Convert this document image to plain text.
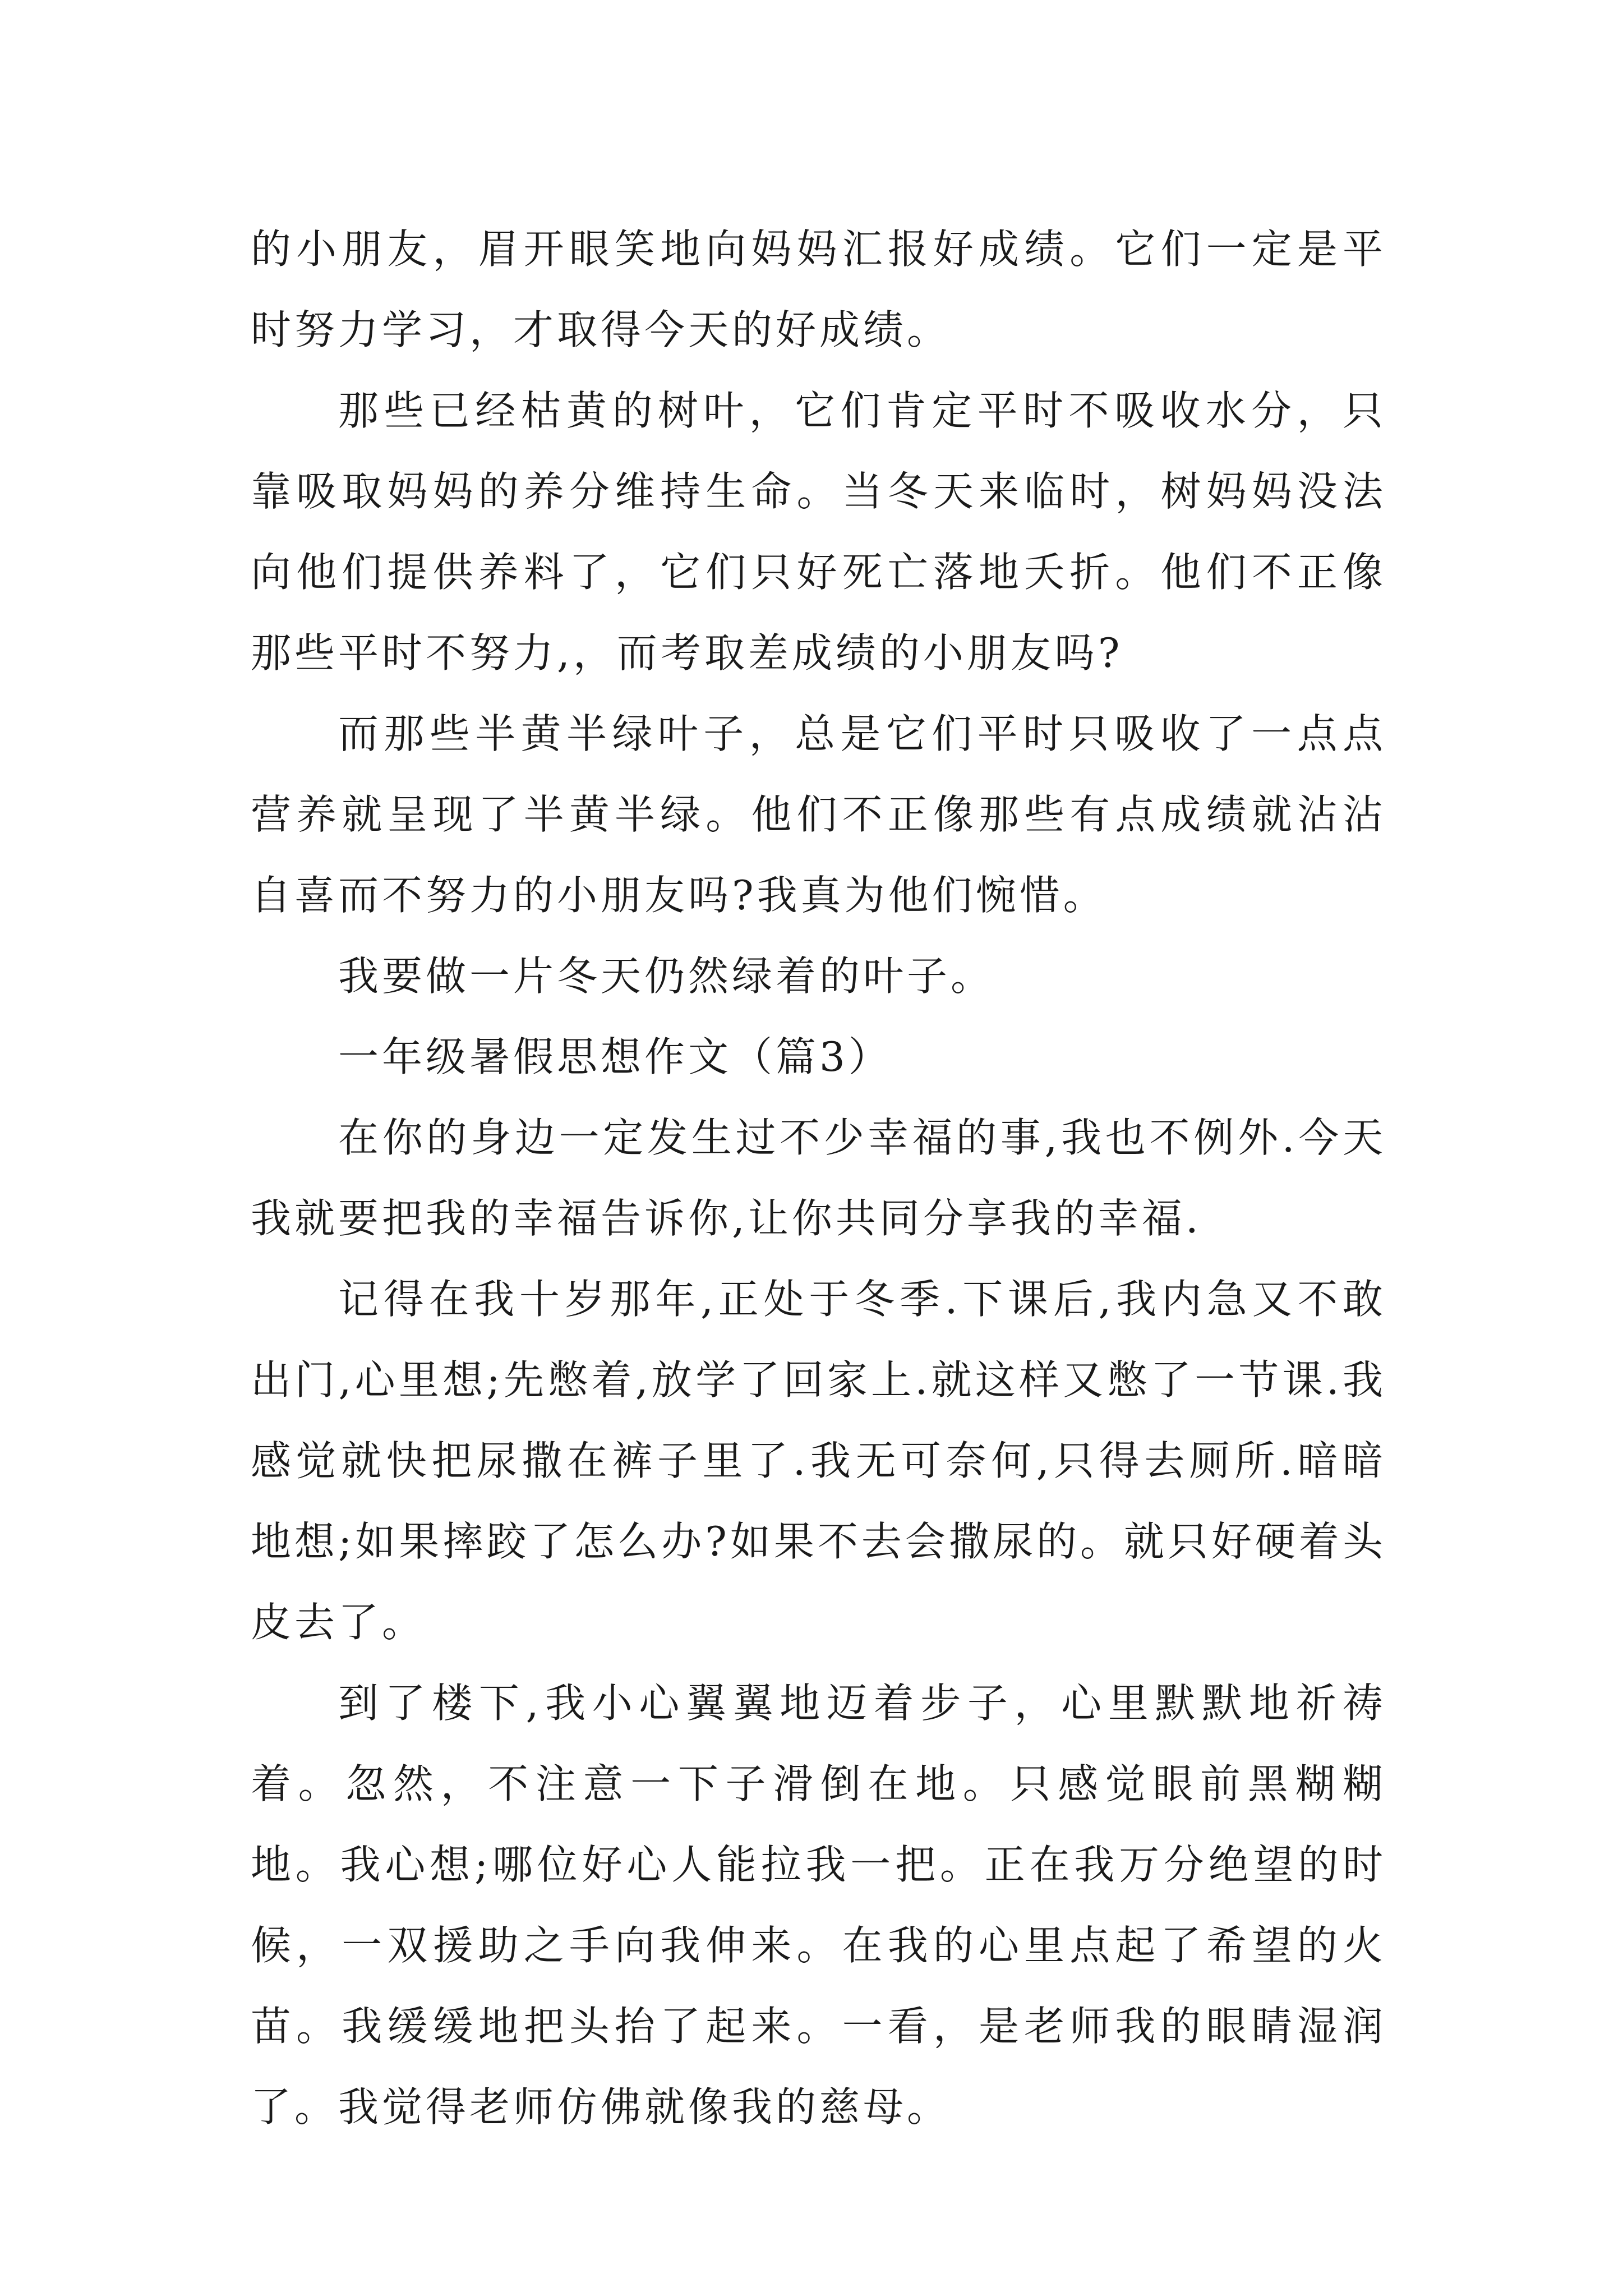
的小朋友，眉开眼笑地向妈妈汇报好成绩。它们一定是平时努力学习，才取得今天的好成绩。

那些已经枯黄的树叶，它们肯定平时不吸收水分，只靠吸取妈妈的养分维持生命。当冬天来临时，树妈妈没法向他们提供养料了，它们只好死亡落地夭折。他们不正像那些平时不努力,，而考取差成绩的小朋友吗?

而那些半黄半绿叶子，总是它们平时只吸收了一点点营养就呈现了半黄半绿。他们不正像那些有点成绩就沾沾自喜而不努力的小朋友吗?我真为他们惋惜。

我要做一片冬天仍然绿着的叶子。

一年级暑假思想作文（篇3）

在你的身边一定发生过不少幸福的事,我也不例外.今天我就要把我的幸福告诉你,让你共同分享我的幸福.

记得在我十岁那年,正处于冬季.下课后,我内急又不敢出门,心里想;先憋着,放学了回家上.就这样又憋了一节课.我感觉就快把尿撒在裤子里了.我无可奈何,只得去厕所.暗暗地想;如果摔跤了怎么办?如果不去会撒尿的。就只好硬着头皮去了。

到了楼下,我小心翼翼地迈着步子，心里默默地祈祷着。忽然，不注意一下子滑倒在地。只感觉眼前黑糊糊地。我心想;哪位好心人能拉我一把。正在我万分绝望的时候，一双援助之手向我伸来。在我的心里点起了希望的火苗。我缓缓地把头抬了起来。一看，是老师我的眼睛湿润了。我觉得老师仿佛就像我的慈母。
